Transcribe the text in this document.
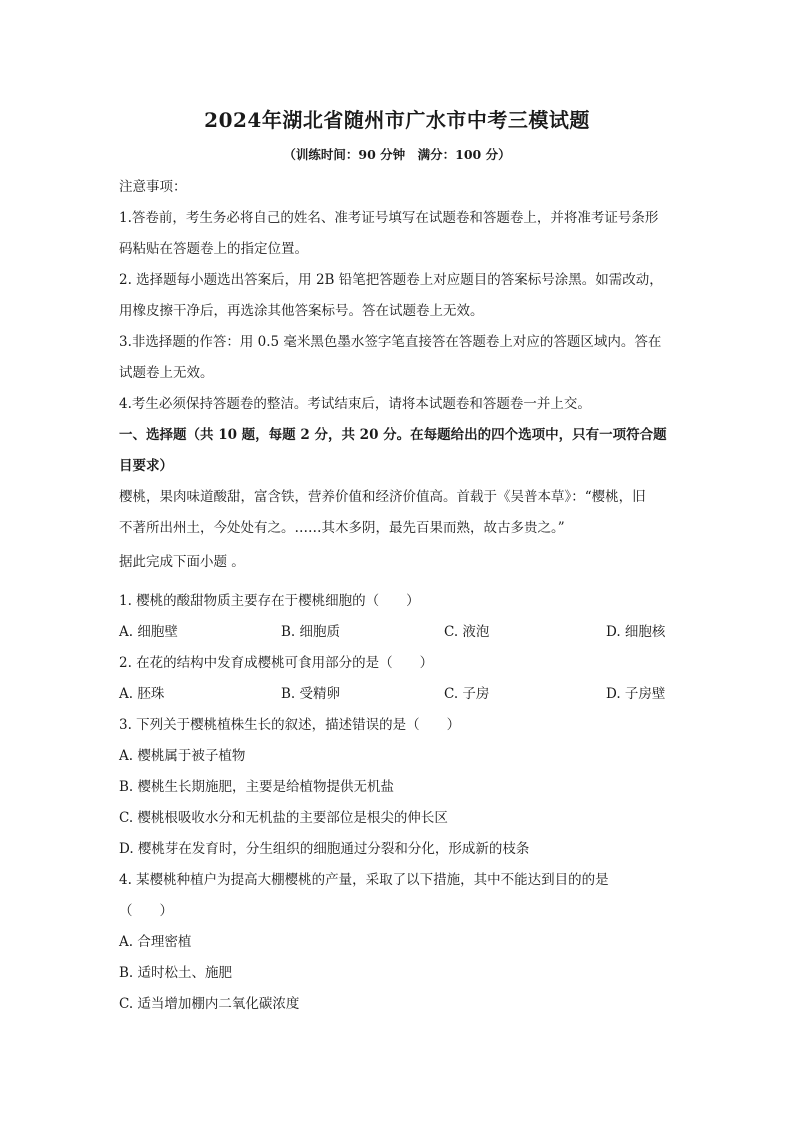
2024年湖北省随州市广水市中考三模试题
（训练时间：90 分钟　满分：100 分）
注意事项：
1.答卷前，考生务必将自己的姓名、准考证号填写在试题卷和答题卷上，并将准考证号条形
码粘贴在答题卷上的指定位置。
2. 选择题每小题选出答案后，用 2B 铅笔把答题卷上对应题目的答案标号涂黑。如需改动，
用橡皮擦干净后，再选涂其他答案标号。答在试题卷上无效。
3.非选择题的作答：用 0.5 毫米黑色墨水签字笔直接答在答题卷上对应的答题区域内。答在
试题卷上无效。
4.考生必须保持答题卷的整洁。考试结束后，请将本试题卷和答题卷一并上交。
一、选择题（共 10 题，每题 2 分，共 20 分。在每题给出的四个选项中，只有一项符合题
目要求）
樱桃，果肉味道酸甜，富含铁，营养价值和经济价值高。首载于《吴普本草》：“樱桃，旧
不著所出州土，今处处有之。……其木多阴，最先百果而熟，故古多贵之。”
据此完成下面小题 。
1. 樱桃的酸甜物质主要存在于樱桃细胞的（　　）
A. 细胞壁	B. 细胞质	C. 液泡	D. 细胞核
2. 在花的结构中发育成樱桃可食用部分的是（　　）
A. 胚珠	B. 受精卵	C. 子房	D. 子房壁
3. 下列关于樱桃植株生长的叙述，描述错误的是（　　）
A. 樱桃属于被子植物
B. 樱桃生长期施肥，主要是给植物提供无机盐
C. 樱桃根吸收水分和无机盐的主要部位是根尖的伸长区
D. 樱桃芽在发育时，分生组织的细胞通过分裂和分化，形成新的枝条
4. 某樱桃种植户为提高大棚樱桃的产量，采取了以下措施，其中不能达到目的的是
（　　）
A. 合理密植
B. 适时松土、施肥
C. 适当增加棚内二氧化碳浓度
